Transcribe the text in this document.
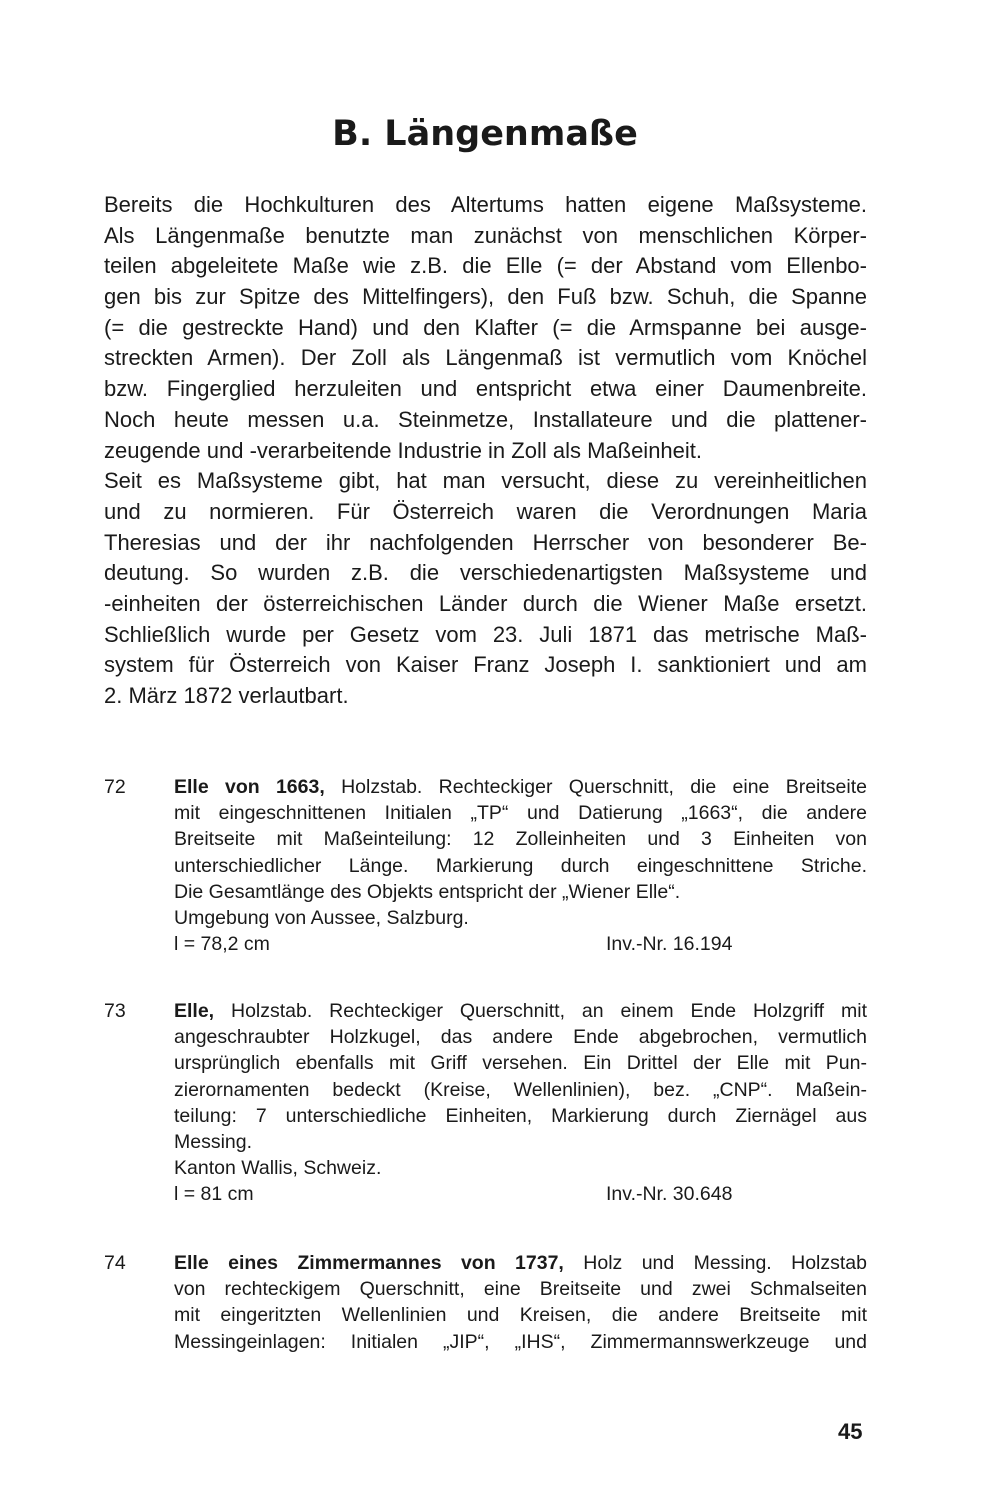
B. Längenmaße
Bereits die Hochkulturen des Altertums hatten eigene Maßsysteme.
Als Längenmaße benutzte man zunächst von menschlichen Körper-
teilen abgeleitete Maße wie z.B. die Elle (= der Abstand vom Ellenbo-
gen bis zur Spitze des Mittelfingers), den Fuß bzw. Schuh, die Spanne
(= die gestreckte Hand) und den Klafter (= die Armspanne bei ausge-
streckten Armen). Der Zoll als Längenmaß ist vermutlich vom Knöchel
bzw. Fingerglied herzuleiten und entspricht etwa einer Daumenbreite.
Noch heute messen u.a. Steinmetze, Installateure und die plattener-
zeugende und -verarbeitende Industrie in Zoll als Maßeinheit.
Seit es Maßsysteme gibt, hat man versucht, diese zu vereinheitlichen
und zu normieren. Für Österreich waren die Verordnungen Maria
Theresias und der ihr nachfolgenden Herrscher von besonderer Be-
deutung. So wurden z.B. die verschiedenartigsten Maßsysteme und
-einheiten der österreichischen Länder durch die Wiener Maße ersetzt.
Schließlich wurde per Gesetz vom 23. Juli 1871 das metrische Maß-
system für Österreich von Kaiser Franz Joseph I. sanktioniert und am
2. März 1872 verlautbart.
72 Elle von 1663, Holzstab. Rechteckiger Querschnitt, die eine Breitseite
mit eingeschnittenen Initialen „TP“ und Datierung „1663“, die andere
Breitseite mit Maßeinteilung: 12 Zolleinheiten und 3 Einheiten von
unterschiedlicher Länge. Markierung durch eingeschnittene Striche.
Die Gesamtlänge des Objekts entspricht der „Wiener Elle“.
Umgebung von Aussee, Salzburg.
l = 78,2 cm	Inv.-Nr. 16.194
73 Elle, Holzstab. Rechteckiger Querschnitt, an einem Ende Holzgriff mit
angeschraubter Holzkugel, das andere Ende abgebrochen, vermutlich
ursprünglich ebenfalls mit Griff versehen. Ein Drittel der Elle mit Pun-
zierornamenten bedeckt (Kreise, Wellenlinien), bez. „CNP“. Maßein-
teilung: 7 unterschiedliche Einheiten, Markierung durch Ziernägel aus
Messing.
Kanton Wallis, Schweiz.
l = 81 cm	Inv.-Nr. 30.648
74 Elle eines Zimmermannes von 1737, Holz und Messing. Holzstab
von rechteckigem Querschnitt, eine Breitseite und zwei Schmalseiten
mit eingeritzten Wellenlinien und Kreisen, die andere Breitseite mit
Messingeinlagen: Initialen „JIP“, „IHS“, Zimmermannswerkzeuge und
45
